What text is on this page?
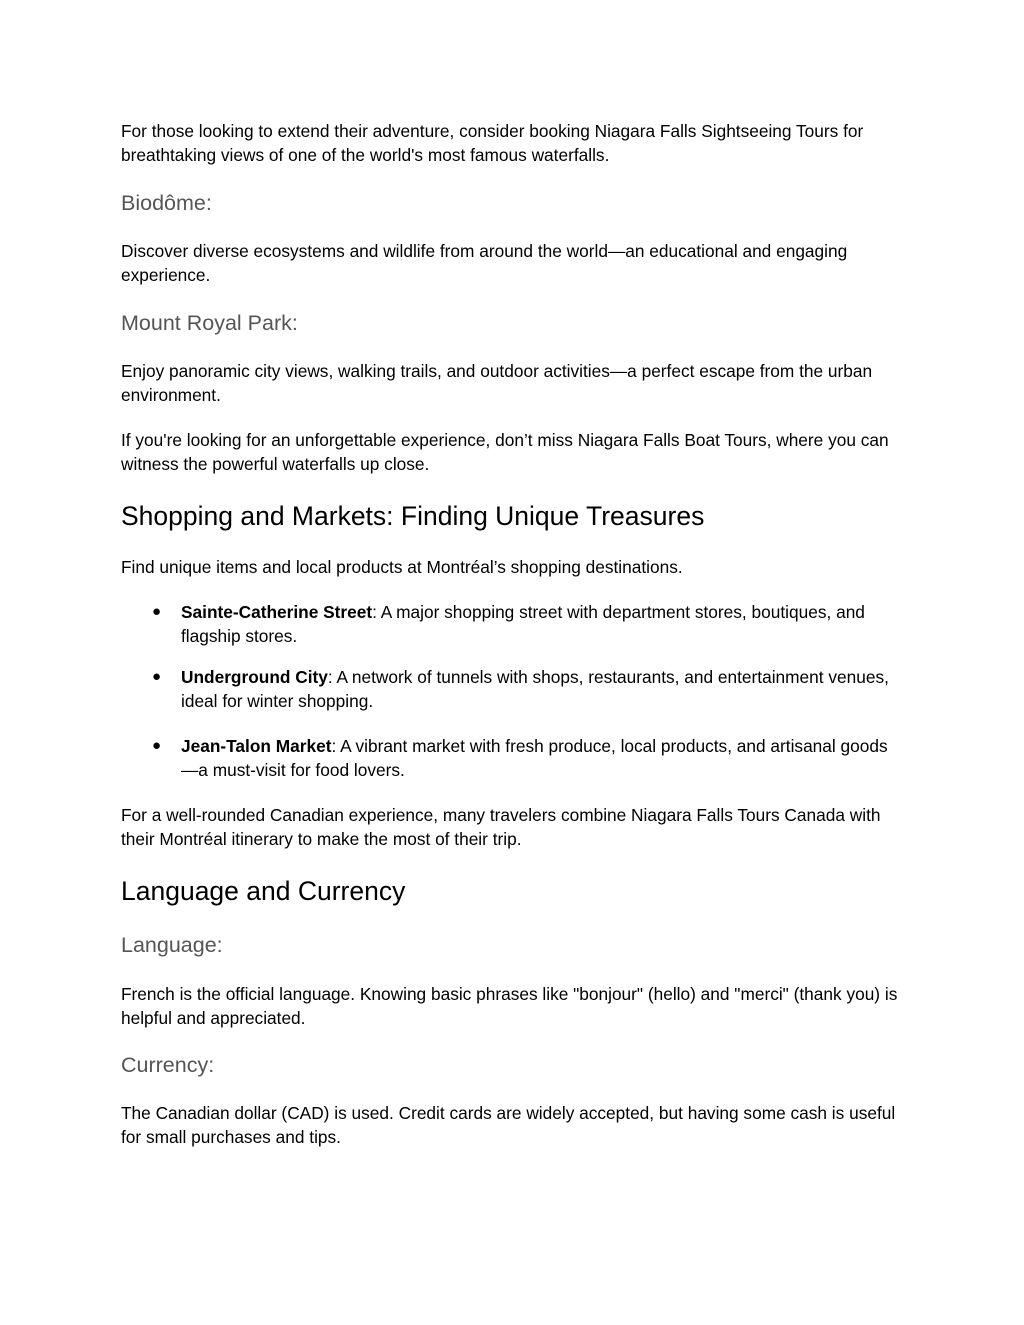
For those looking to extend their adventure, consider booking Niagara Falls Sightseeing Tours for breathtaking views of one of the world's most famous waterfalls.

Biodôme:

Discover diverse ecosystems and wildlife from around the world—an educational and engaging experience.

Mount Royal Park:

Enjoy panoramic city views, walking trails, and outdoor activities—a perfect escape from the urban environment.

If you're looking for an unforgettable experience, don’t miss Niagara Falls Boat Tours, where you can witness the powerful waterfalls up close.

Shopping and Markets: Finding Unique Treasures

Find unique items and local products at Montréal’s shopping destinations.

● Sainte-Catherine Street: A major shopping street with department stores, boutiques, and flagship stores.
● Underground City: A network of tunnels with shops, restaurants, and entertainment venues, ideal for winter shopping.
● Jean-Talon Market: A vibrant market with fresh produce, local products, and artisanal goods—a must-visit for food lovers.

For a well-rounded Canadian experience, many travelers combine Niagara Falls Tours Canada with their Montréal itinerary to make the most of their trip.

Language and Currency
Language:

French is the official language. Knowing basic phrases like "bonjour" (hello) and "merci" (thank you) is helpful and appreciated.

Currency:

The Canadian dollar (CAD) is used. Credit cards are widely accepted, but having some cash is useful for small purchases and tips.
